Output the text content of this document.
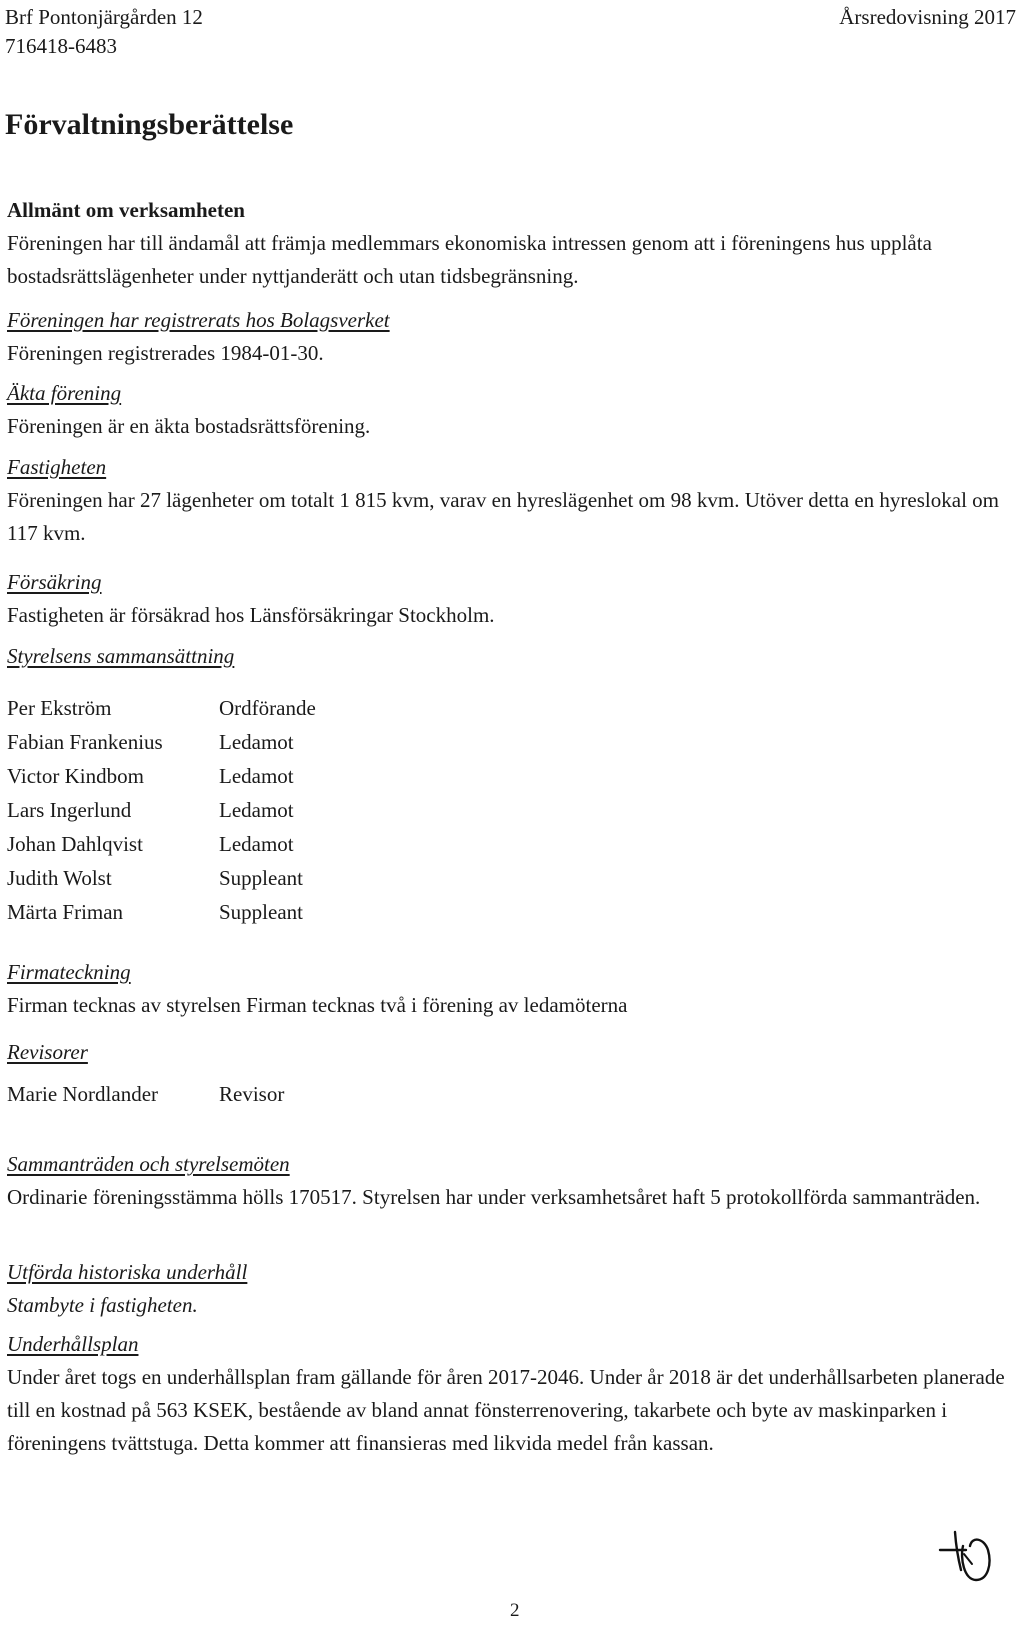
Brf Pontonjärgården 12
716418-6483
Årsredovisning 2017
Förvaltningsberättelse
Allmänt om verksamheten

Föreningen har till ändamål att främja medlemmars ekonomiska intressen genom att i föreningens hus upplåta bostadsrättslägenheter under nyttjanderätt och utan tidsbegränsning.

Föreningen har registrerats hos Bolagsverket

Föreningen registrerades 1984-01-30.

Äkta förening

Föreningen är en äkta bostadsrättsförening.

Fastigheten

Föreningen har 27 lägenheter om totalt 1 815 kvm, varav en hyreslägenhet om 98 kvm. Utöver detta en hyreslokal om 117 kvm.

Försäkring

Fastigheten är försäkrad hos Länsförsäkringar Stockholm.

Styrelsens sammansättning
Per Ekström	Ordförande
Fabian Frankenius	Ledamot
Victor Kindbom	Ledamot
Lars Ingerlund	Ledamot
Johan Dahlqvist	Ledamot
Judith Wolst	Suppleant
Märta Friman	Suppleant
Firmateckning

Firman tecknas av styrelsen Firman tecknas två i förening av ledamöterna

Revisorer
Marie Nordlander	Revisor
Sammanträden och styrelsemöten

Ordinarie föreningsstämma hölls 170517. Styrelsen har under verksamhetsåret haft 5 protokollförda sammanträden.

Utförda historiska underhåll

Stambyte i fastigheten.

Underhållsplan

Under året togs en underhållsplan fram gällande för åren 2017-2046. Under år 2018 är det underhållsarbeten planerade till en kostnad på 563 KSEK, bestående av bland annat fönsterrenovering, takarbete och byte av maskinparken i föreningens tvättstuga. Detta kommer att finansieras med likvida medel från kassan.

2
